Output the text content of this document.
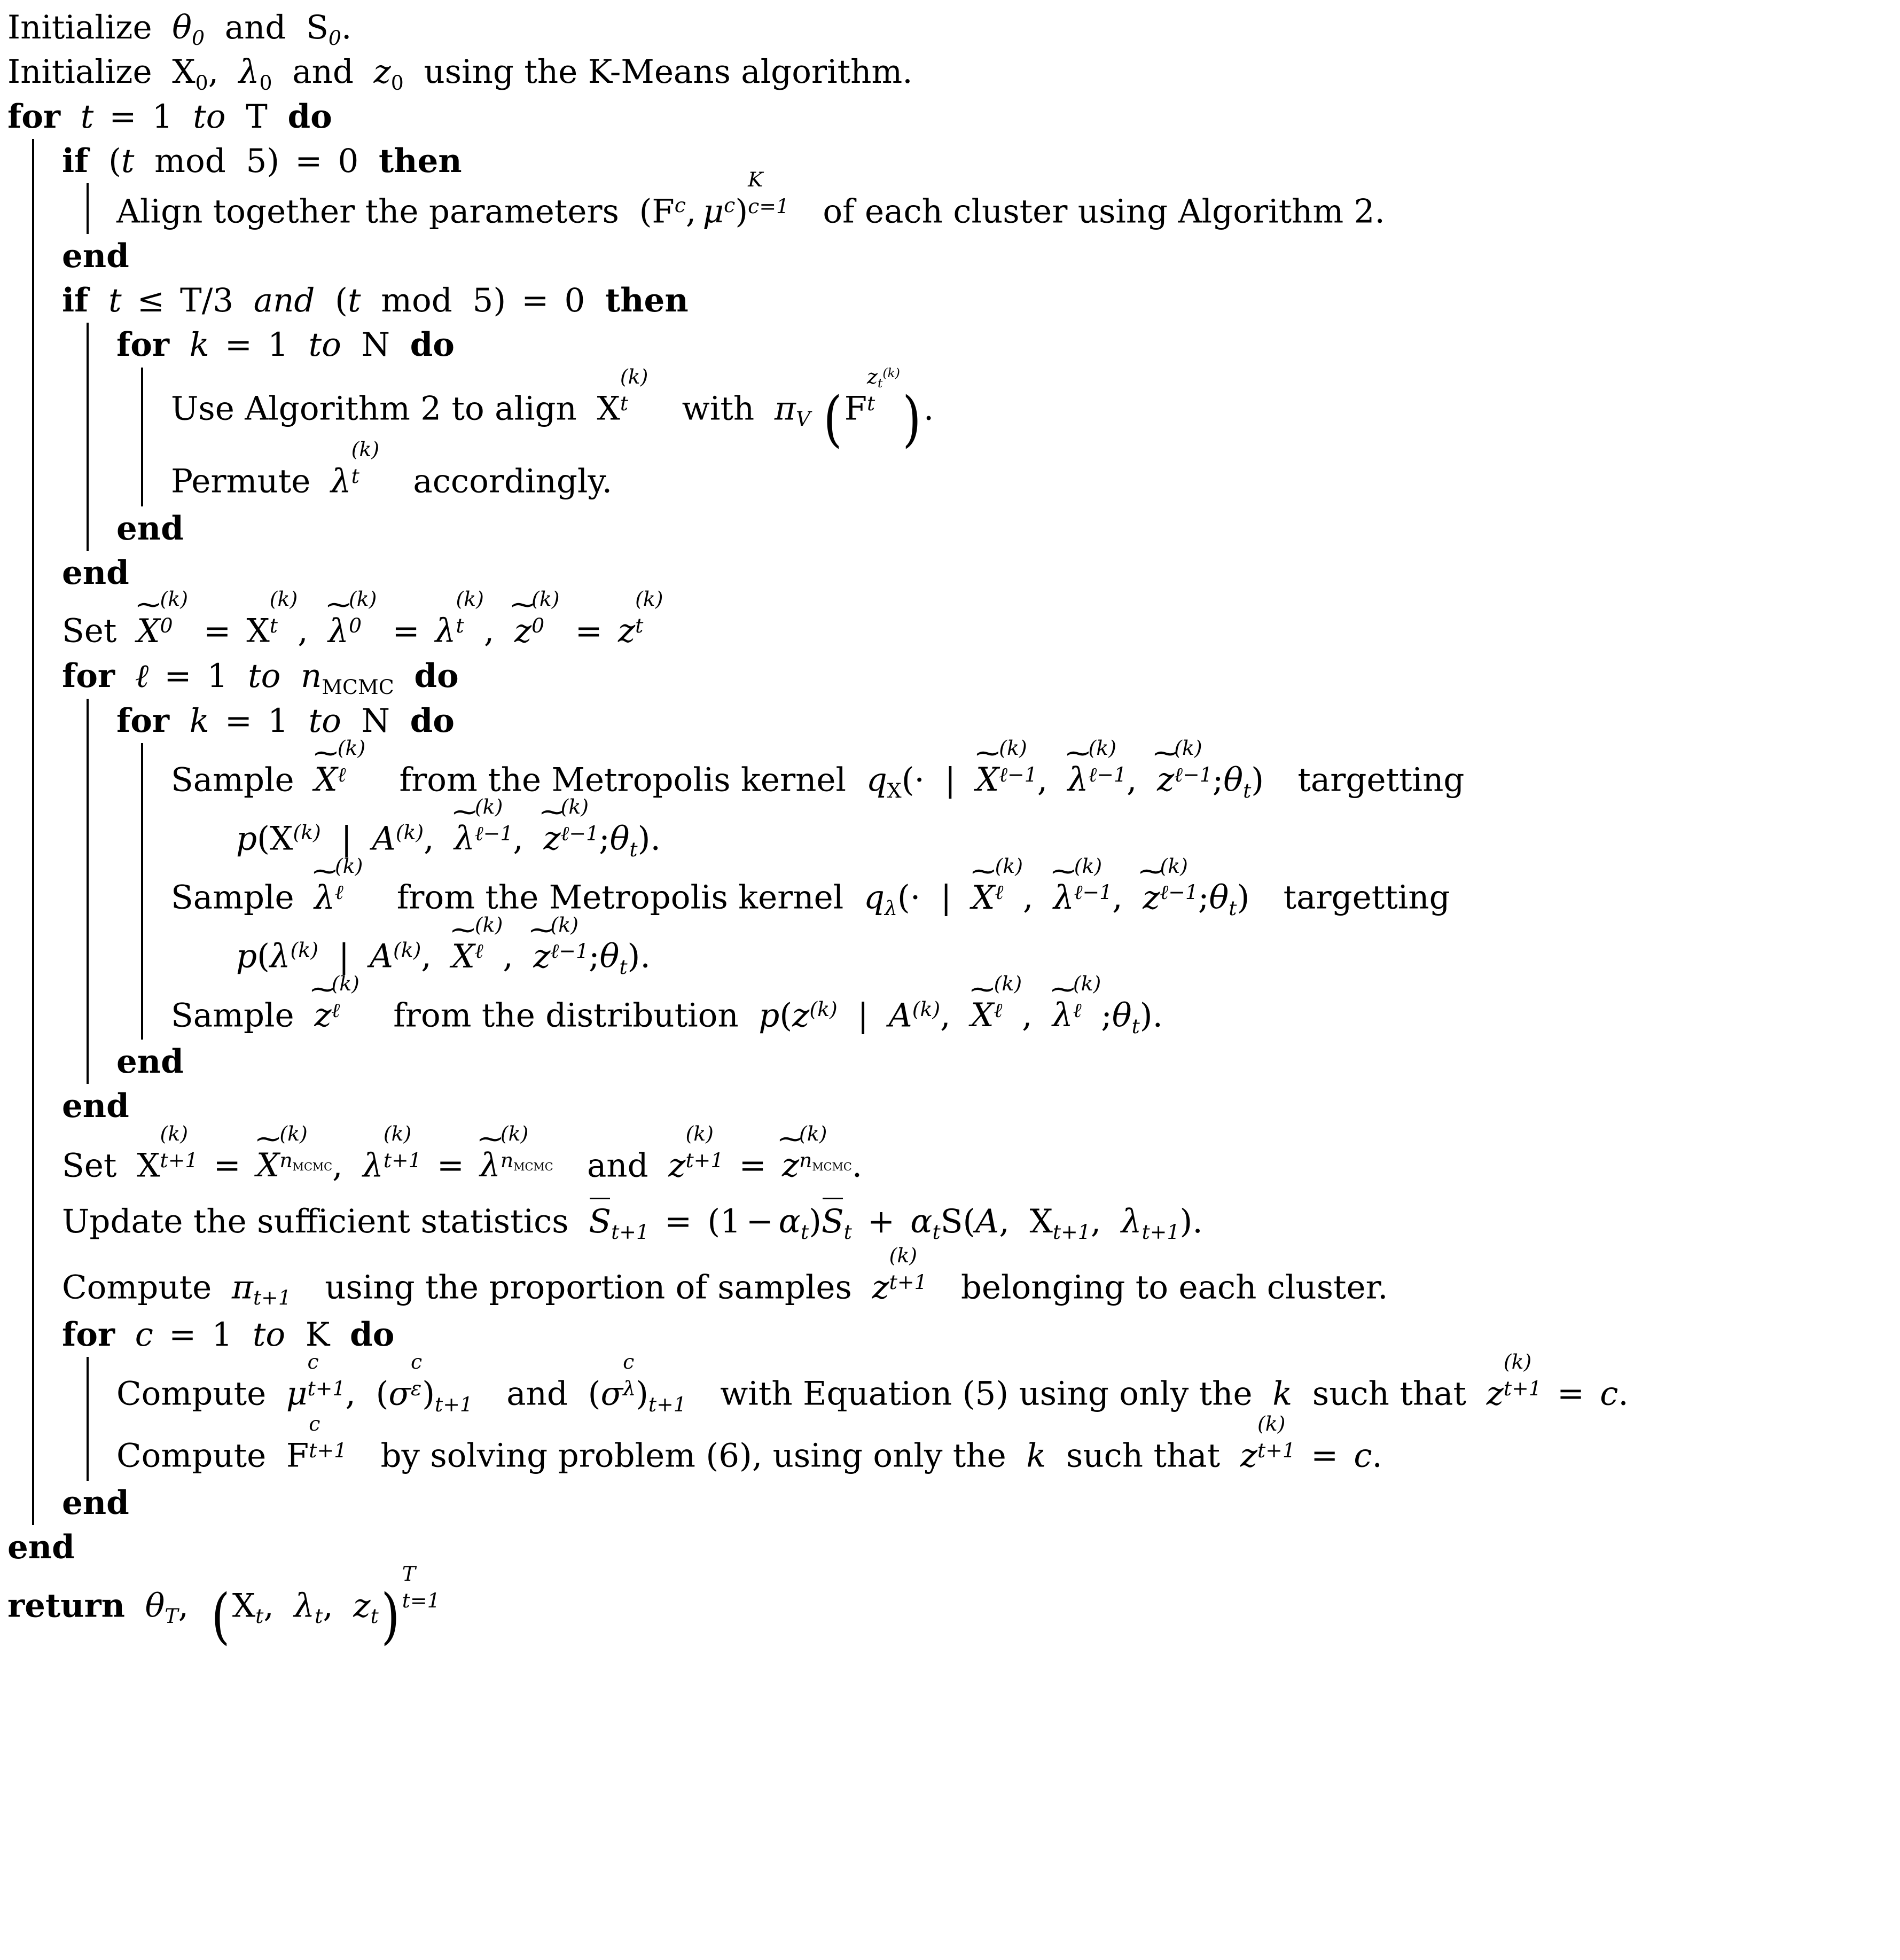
Initialize $\theta_0$ and $S_0$.
Initialize $X_0$, $\lambda_0$ and $z_0$ using the K-Means algorithm.
for t = 1 to T do
if (t mod 5) = 0 then
Align together the parameters ($F^c$, $\mu^c$)
K
c=1 of each cluster using Algorithm 2.
end
if t ≤ T/3 and (t mod 5) = 0 then
for k = 1 to N do
Use Algorithm 2 to align X
(k)
t	with $\pi_V$ (F
$z_t^{(k)}$
t ).
Permute λ
(k)
t	accordingly.
end
end
Set ~ X
(k)
0 = X
(k)
t , ~ λ
(k)
0 = λ
(k)
t , ~ z
(k)
0 = z
(k)
t
for ℓ = 1 to $n_{MCMC}$ do
for k = 1 to N do
Sample ~ X
(k)
ℓ	from the Metropolis kernel $q_X(\cdot$ | ~ X
(k)
ℓ−1 , ~ λ
(k)
ℓ−1 , ~ z
(k)
ℓ−1 $;\theta_t$) targetting
$p(X^{(k)}$ | $A^{(k)}$, ~ λ
(k)
ℓ−1 , ~ z
(k)
ℓ−1 $;\theta_t$).
Sample ~ λ
(k)
ℓ	from the Metropolis kernel $q_\lambda(\cdot$ | ~ X
(k)
ℓ , ~ λ
(k)
ℓ−1 , ~ z
(k)
ℓ−1 $;\theta_t$) targetting
$p(\lambda^{(k)}$ | $A^{(k)}$, ~ X
(k)
ℓ , ~ z
(k)
ℓ−1 $;\theta_t$).
Sample ~ z
(k)
ℓ	from the distribution $p(z^{(k)}$ | $A^{(k)}$, ~ X
(k)
ℓ , ~ λ
(k)
ℓ $;\theta_t$).
end
end
Set X
(k)
t+1 = ~ X
(k)
$n_{MCMC}$ , λ
(k)
t+1 = ~ λ
(k)
$n_{MCMC}$ and z
(k)
t+1 = ~ z
(k)
$n_{MCMC}$ .
Update the sufficient statistics $S_{t+1} = (1 - \alpha_t)S_t + \alpha_tS(A$, $X_{t+1}$, $\lambda_{t+1}$).
Compute $\pi_{t+1}$ using the proportion of samples z
(k)
t+1 belonging to each cluster.
for c = 1 to K do
Compute μ
c
t+1 , (σ
c
ε )$_{t+1}$ and (σ
c
λ )$_{t+1}$ with Equation (5) using only the k such that z
(k)
t+1 = c.
Compute F
c
t+1 by solving problem (6), using only the k such that z
(k)
t+1 = c.
end
end
return $\theta_T$, ($X_t$, $\lambda_t$, $z_t$)
T
t=1
